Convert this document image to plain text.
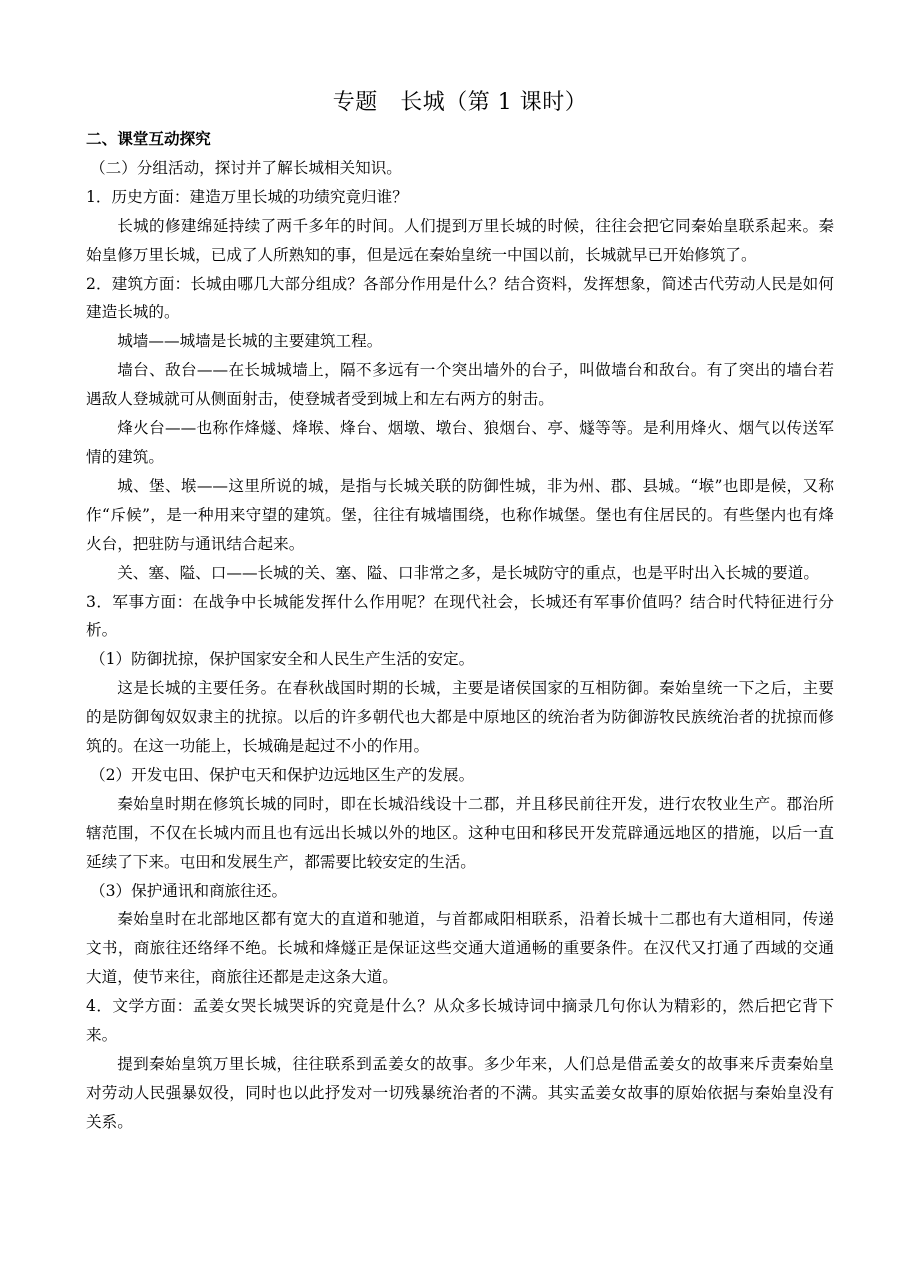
专题　长城（第 1 课时）

二、课堂互动探究

（二）分组活动，探讨并了解长城相关知识。

1．历史方面：建造万里长城的功绩究竟归谁？

长城的修建绵延持续了两千多年的时间。人们提到万里长城的时候，往往会把它同秦始皇联系起来。秦始皇修万里长城，已成了人所熟知的事，但是远在秦始皇统一中国以前，长城就早已开始修筑了。

2．建筑方面：长城由哪几大部分组成？各部分作用是什么？结合资料，发挥想象，简述古代劳动人民是如何建造长城的。

城墙——城墙是长城的主要建筑工程。

墙台、敌台——在长城城墙上，隔不多远有一个突出墙外的台子，叫做墙台和敌台。有了突出的墙台若遇敌人登城就可从侧面射击，使登城者受到城上和左右两方的射击。

烽火台——也称作烽燧、烽堠、烽台、烟墩、墩台、狼烟台、亭、燧等等。是利用烽火、烟气以传送军情的建筑。

城、堡、堠——这里所说的城，是指与长城关联的防御性城，非为州、郡、县城。“堠”也即是候，又称作“斥候”，是一种用来守望的建筑。堡，往往有城墙围绕，也称作城堡。堡也有住居民的。有些堡内也有烽火台，把驻防与通讯结合起来。

关、塞、隘、口——长城的关、塞、隘、口非常之多，是长城防守的重点，也是平时出入长城的要道。

3．军事方面：在战争中长城能发挥什么作用呢？在现代社会，长城还有军事价值吗？结合时代特征进行分析。

（1）防御扰掠，保护国家安全和人民生产生活的安定。

这是长城的主要任务。在春秋战国时期的长城，主要是诸侯国家的互相防御。秦始皇统一下之后，主要的是防御匈奴奴隶主的扰掠。以后的许多朝代也大都是中原地区的统治者为防御游牧民族统治者的扰掠而修筑的。在这一功能上，长城确是起过不小的作用。

（2）开发屯田、保护屯天和保护边远地区生产的发展。

秦始皇时期在修筑长城的同时，即在长城沿线设十二郡，并且移民前往开发，进行农牧业生产。郡治所辖范围，不仅在长城内而且也有远出长城以外的地区。这种屯田和移民开发荒辟通远地区的措施，以后一直延续了下来。屯田和发展生产，都需要比较安定的生活。

（3）保护通讯和商旅往还。

秦始皇时在北部地区都有宽大的直道和驰道，与首都咸阳相联系，沿着长城十二郡也有大道相同，传递文书，商旅往还络绎不绝。长城和烽燧正是保证这些交通大道通畅的重要条件。在汉代又打通了西域的交通大道，使节来往，商旅往还都是走这条大道。

4．文学方面：孟姜女哭长城哭诉的究竟是什么？从众多长城诗词中摘录几句你认为精彩的，然后把它背下来。

提到秦始皇筑万里长城，往往联系到孟姜女的故事。多少年来，人们总是借孟姜女的故事来斥责秦始皇对劳动人民强暴奴役，同时也以此抒发对一切残暴统治者的不满。其实孟姜女故事的原始依据与秦始皇没有关系。
